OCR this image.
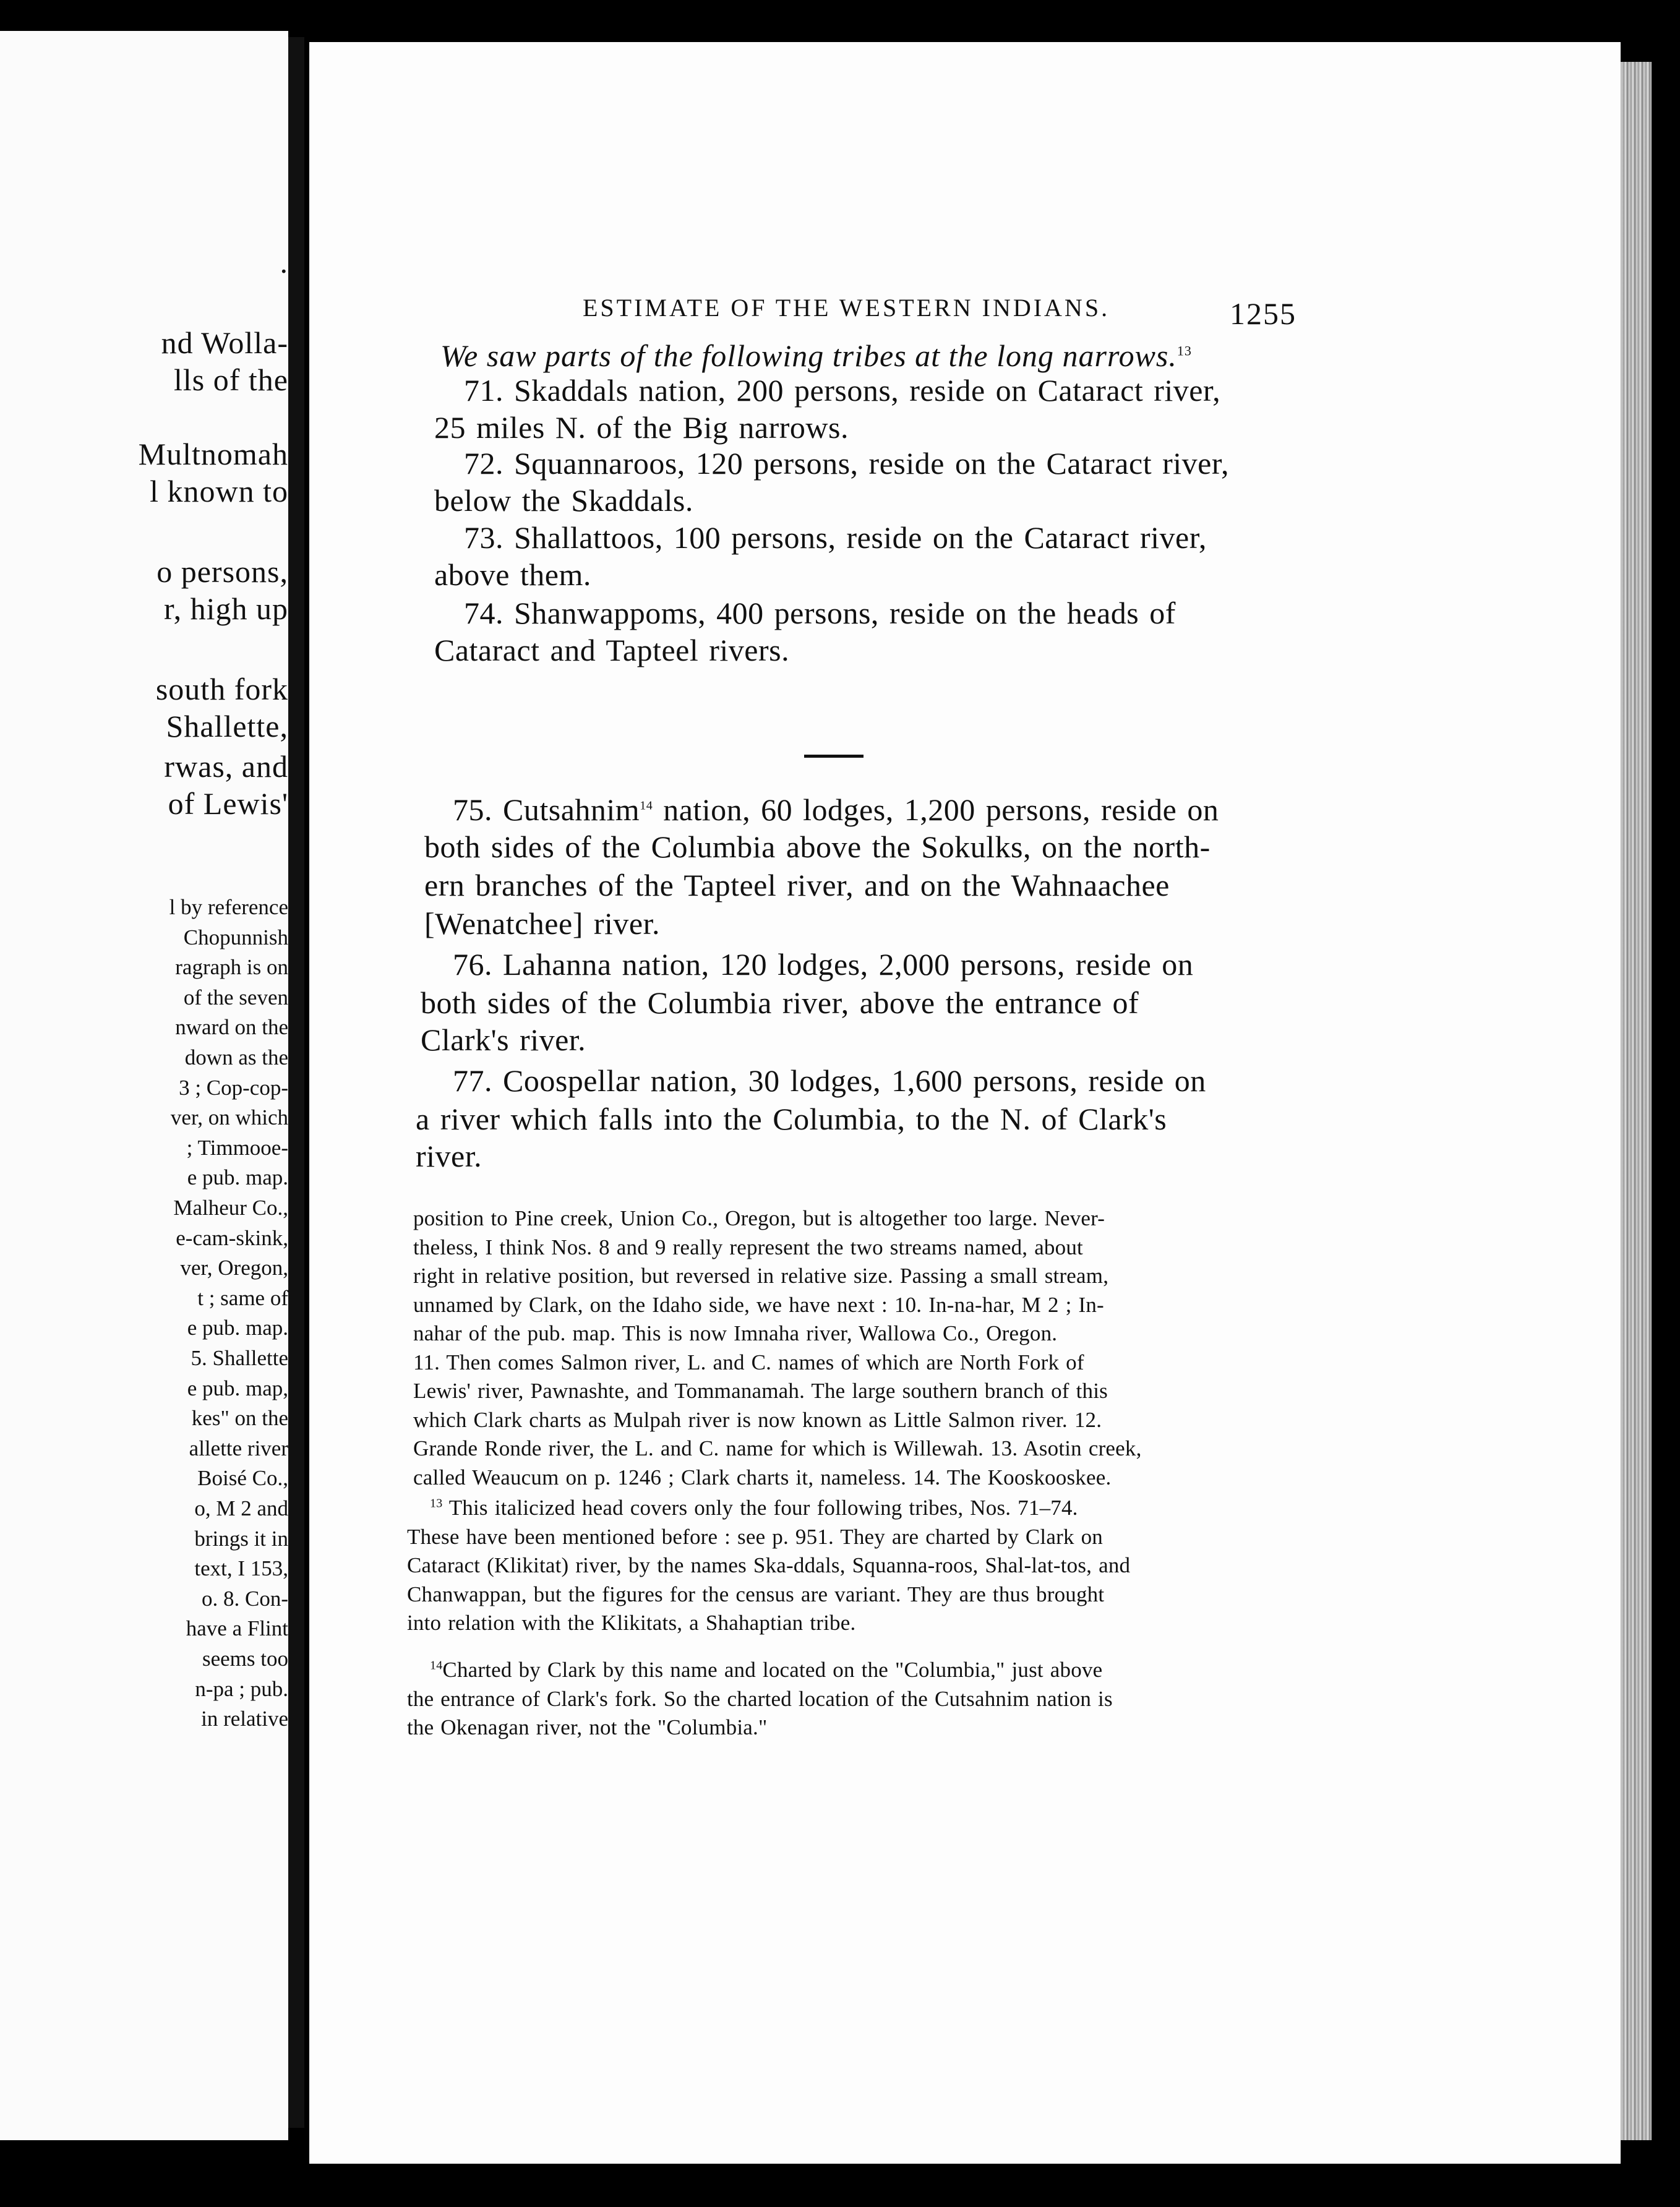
.
nd Wolla-
lls of the
Multnomah
l known to
o persons,
r, high up
south fork
Shallette,
rwas, and
of Lewis'
l by reference
Chopunnish
ragraph is on
of the seven
nward on the
down as the
3 ; Cop-cop-
ver, on which
; Timmooe-
e pub. map.
Malheur Co.,
e-cam-skink,
ver, Oregon,
t ; same of
e pub. map.
5. Shallette
e pub. map,
kes" on the
allette river
Boisé Co.,
o, M 2 and
brings it in
text, I 153,
o. 8. Con-
have a Flint
seems too
n-pa ; pub.
in relative
ESTIMATE OF THE WESTERN INDIANS.	1255
We saw parts of the following tribes at the long narrows.$^{13}$
71. Skaddals nation, 200 persons, reside on Cataract river,
25 miles N. of the Big narrows.
72. Squannaroos, 120 persons, reside on the Cataract river,
below the Skaddals.
73. Shallattoos, 100 persons, reside on the Cataract river,
above them.
74. Shanwappoms, 400 persons, reside on the heads of
Cataract and Tapteel rivers.
75. Cutsahnim$^{14}$ nation, 60 lodges, 1,200 persons, reside on
both sides of the Columbia above the Sokulks, on the north-
ern branches of the Tapteel river, and on the Wahnaachee
[Wenatchee] river.
76. Lahanna nation, 120 lodges, 2,000 persons, reside on
both sides of the Columbia river, above the entrance of
Clark's river.
77. Coospellar nation, 30 lodges, 1,600 persons, reside on
a river which falls into the Columbia, to the N. of Clark's
river.
position to Pine creek, Union Co., Oregon, but is altogether too large. Never-
theless, I think Nos. 8 and 9 really represent the two streams named, about
right in relative position, but reversed in relative size. Passing a small stream,
unnamed by Clark, on the Idaho side, we have next : 10. In-na-har, M 2 ; In-
nahar of the pub. map. This is now Imnaha river, Wallowa Co., Oregon.
11. Then comes Salmon river, L. and C. names of which are North Fork of
Lewis' river, Pawnashte, and Tommanamah. The large southern branch of this
which Clark charts as Mulpah river is now known as Little Salmon river. 12.
Grande Ronde river, the L. and C. name for which is Willewah. 13. Asotin creek,
called Weaucum on p. 1246 ; Clark charts it, nameless. 14. The Kooskooskee.
$^{13}$ This italicized head covers only the four following tribes, Nos. 71–74.
These have been mentioned before : see p. 951. They are charted by Clark on
Cataract (Klikitat) river, by the names Ska-ddals, Squanna-roos, Shal-lat-tos, and
Chanwappan, but the figures for the census are variant. They are thus brought
into relation with the Klikitats, a Shahaptian tribe.
$^{14}$Charted by Clark by this name and located on the "Columbia," just above
the entrance of Clark's fork. So the charted location of the Cutsahnim nation is
the Okenagan river, not the "Columbia."
